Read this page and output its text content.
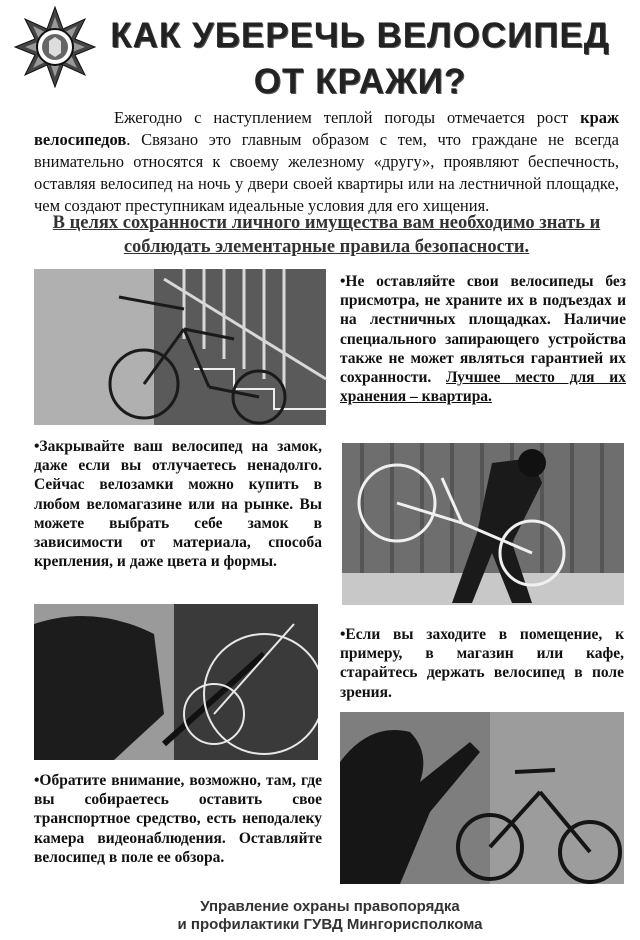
КАК УБЕРЕЧЬ ВЕЛОСИПЕД
ОТ КРАЖИ?
Ежегодно с наступлением теплой погоды отмечается рост краж велосипедов. Связано это главным образом с тем, что граждане не всегда внимательно относятся к своему железному «другу», проявляют беспечность, оставляя велосипед на ночь у двери своей квартиры или на лестничной площадке, чем создают преступникам идеальные условия для его хищения.
В целях сохранности личного имущества вам необходимо знать и соблюдать элементарные правила безопасности.
•Не оставляйте свои велосипеды без присмотра, не храните их в подъездах и на лестничных площадках. Наличие специального запирающего устройства также не может являться гарантией их сохранности. Лучшее место для их хранения – квартира.
•Закрывайте ваш велосипед на замок, даже если вы отлучаетесь ненадолго. Сейчас велозамки можно купить в любом веломагазине или на рынке. Вы можете выбрать себе замок в зависимости от материала, способа крепления, и даже цвета и формы.
•Если вы заходите в помещение, к примеру, в магазин или кафе, старайтесь держать велосипед в поле зрения.
•Обратите внимание, возможно, там, где вы собираетесь оставить свое транспортное средство, есть неподалеку камера видеонаблюдения. Оставляйте велосипед в поле ее обзора.
Управление охраны правопорядка
и профилактики ГУВД Мингорисполкома
